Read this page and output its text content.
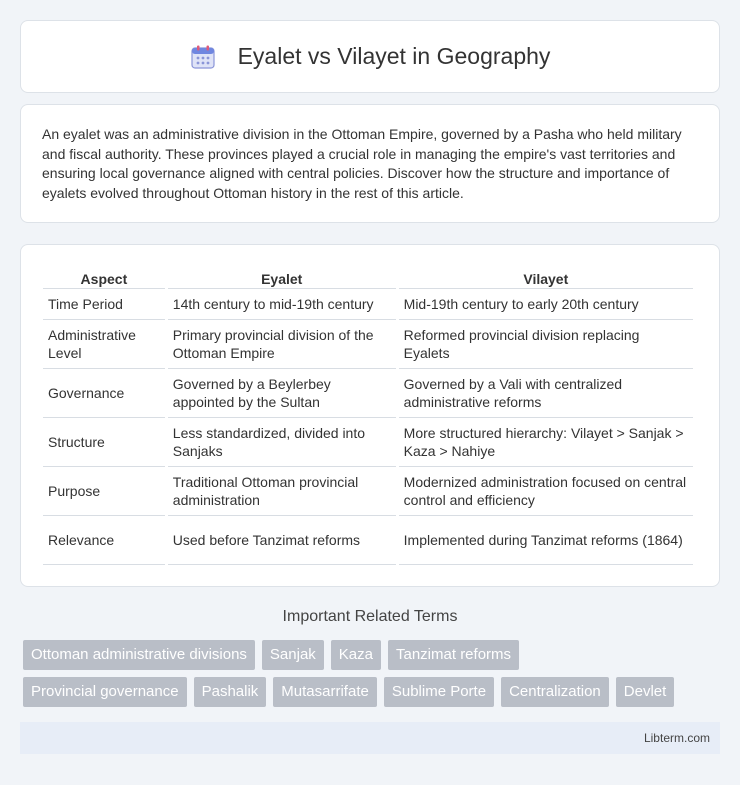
Eyalet vs Vilayet in Geography

An eyalet was an administrative division in the Ottoman Empire, governed by a Pasha who held military and fiscal authority. These provinces played a crucial role in managing the empire's vast territories and ensuring local governance aligned with central policies. Discover how the structure and importance of eyalets evolved throughout Ottoman history in the rest of this article.

Aspect	Eyalet	Vilayet
Time Period	14th century to mid-19th century	Mid-19th century to early 20th century
Administrative Level	Primary provincial division of the Ottoman Empire	Reformed provincial division replacing Eyalets
Governance	Governed by a Beylerbey appointed by the Sultan	Governed by a Vali with centralized administrative reforms
Structure	Less standardized, divided into Sanjaks	More structured hierarchy: Vilayet > Sanjak > Kaza > Nahiye
Purpose	Traditional Ottoman provincial administration	Modernized administration focused on central control and efficiency
Relevance	Used before Tanzimat reforms	Implemented during Tanzimat reforms (1864)
Important Related Terms
Ottoman administrative divisions	Sanjak	Kaza	Tanzimat reforms
Provincial governance	Pashalik	Mutasarrifate	Sublime Porte	Centralization	Devlet
Libterm.com
